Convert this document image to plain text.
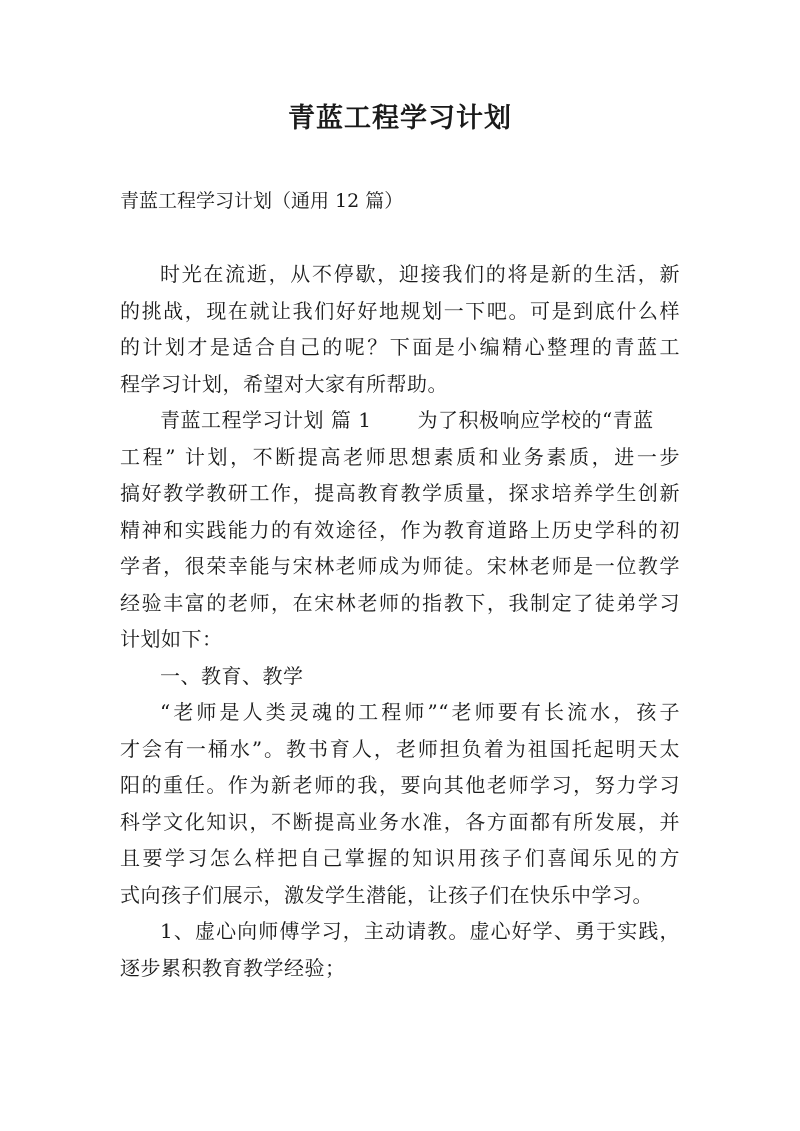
青蓝工程学习计划

青蓝工程学习计划（通用 12 篇）

时光在流逝，从不停歇，迎接我们的将是新的生活，新

的挑战，现在就让我们好好地规划一下吧。可是到底什么样

的计划才是适合自己的呢？下面是小编精心整理的青蓝工

程学习计划，希望对大家有所帮助。

青蓝工程学习计划 篇 1 为了积极响应学校的“青蓝

工程” 计划，不断提高老师思想素质和业务素质，进一步

搞好教学教研工作，提高教育教学质量，探求培养学生创新

精神和实践能力的有效途径，作为教育道路上历史学科的初

学者，很荣幸能与宋林老师成为师徒。宋林老师是一位教学

经验丰富的老师，在宋林老师的指教下，我制定了徒弟学习

计划如下：

一、教育、教学

“老师是人类灵魂的工程师”“老师要有长流水，孩子

才会有一桶水”。教书育人，老师担负着为祖国托起明天太

阳的重任。作为新老师的我，要向其他老师学习，努力学习

科学文化知识，不断提高业务水准，各方面都有所发展，并

且要学习怎么样把自己掌握的知识用孩子们喜闻乐见的方

式向孩子们展示，激发学生潜能，让孩子们在快乐中学习。

1、虚心向师傅学习，主动请教。虚心好学、勇于实践，

逐步累积教育教学经验；
